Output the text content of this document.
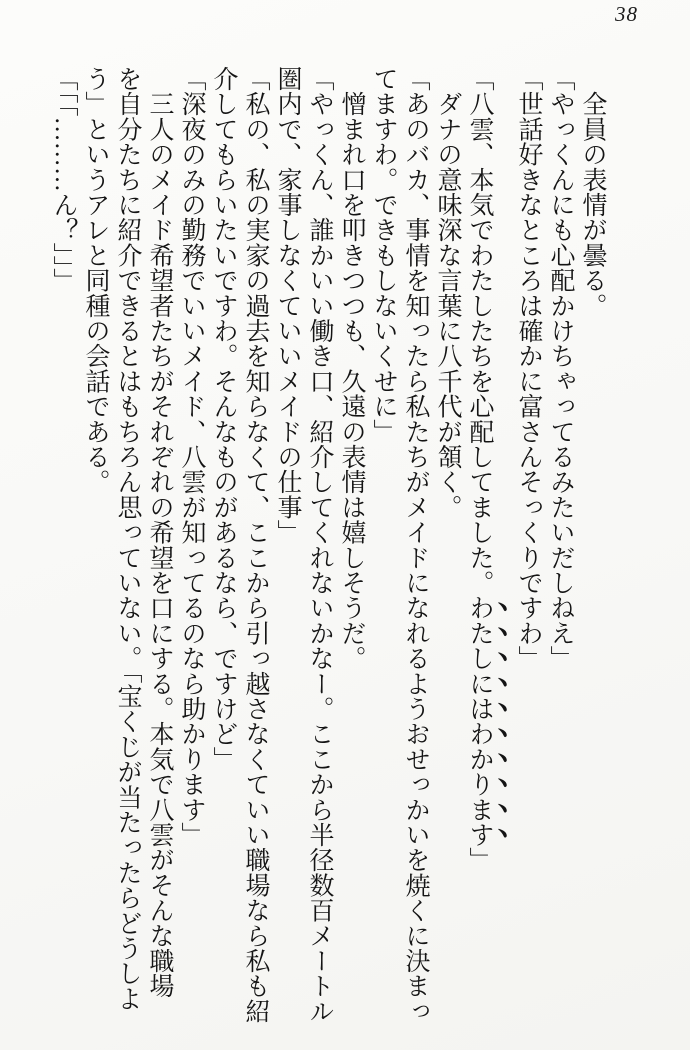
38

　全員の表情が曇る。

「やっくんにも心配かけちゃってるみたいだしねえ」

「世話好きなところは確かに富さんそっくりですわ」

「八雲、本気でわたしたちを心配してました。わたしにはわかります」

　ダナの意味深な言葉に八千代が頷く。

「あのバカ、事情を知ったら私たちがメイドになれるようおせっかいを焼くに決まっ

てますわ。できもしないくせに」

　憎まれ口を叩きつつも、久遠の表情は嬉しそうだ。

「やっくん、誰かいい働き口、紹介してくれないかなー。ここから半径数百メートル

圏内で、家事しなくていいメイドの仕事」

「私の、私の実家の過去を知らなくて、ここから引っ越さなくていい職場なら私も紹

介してもらいたいですわ。そんなものがあるなら、ですけど」

「深夜のみの勤務でいいメイド、八雲が知ってるのなら助かります」

　三人のメイド希望者たちがそれぞれの希望を口にする。本気で八雲がそんな職場

を自分たちに紹介できるとはもちろん思っていない。「宝くじが当たったらどうしよ

う」というアレと同種の会話である。

「「「………ん？」」」
